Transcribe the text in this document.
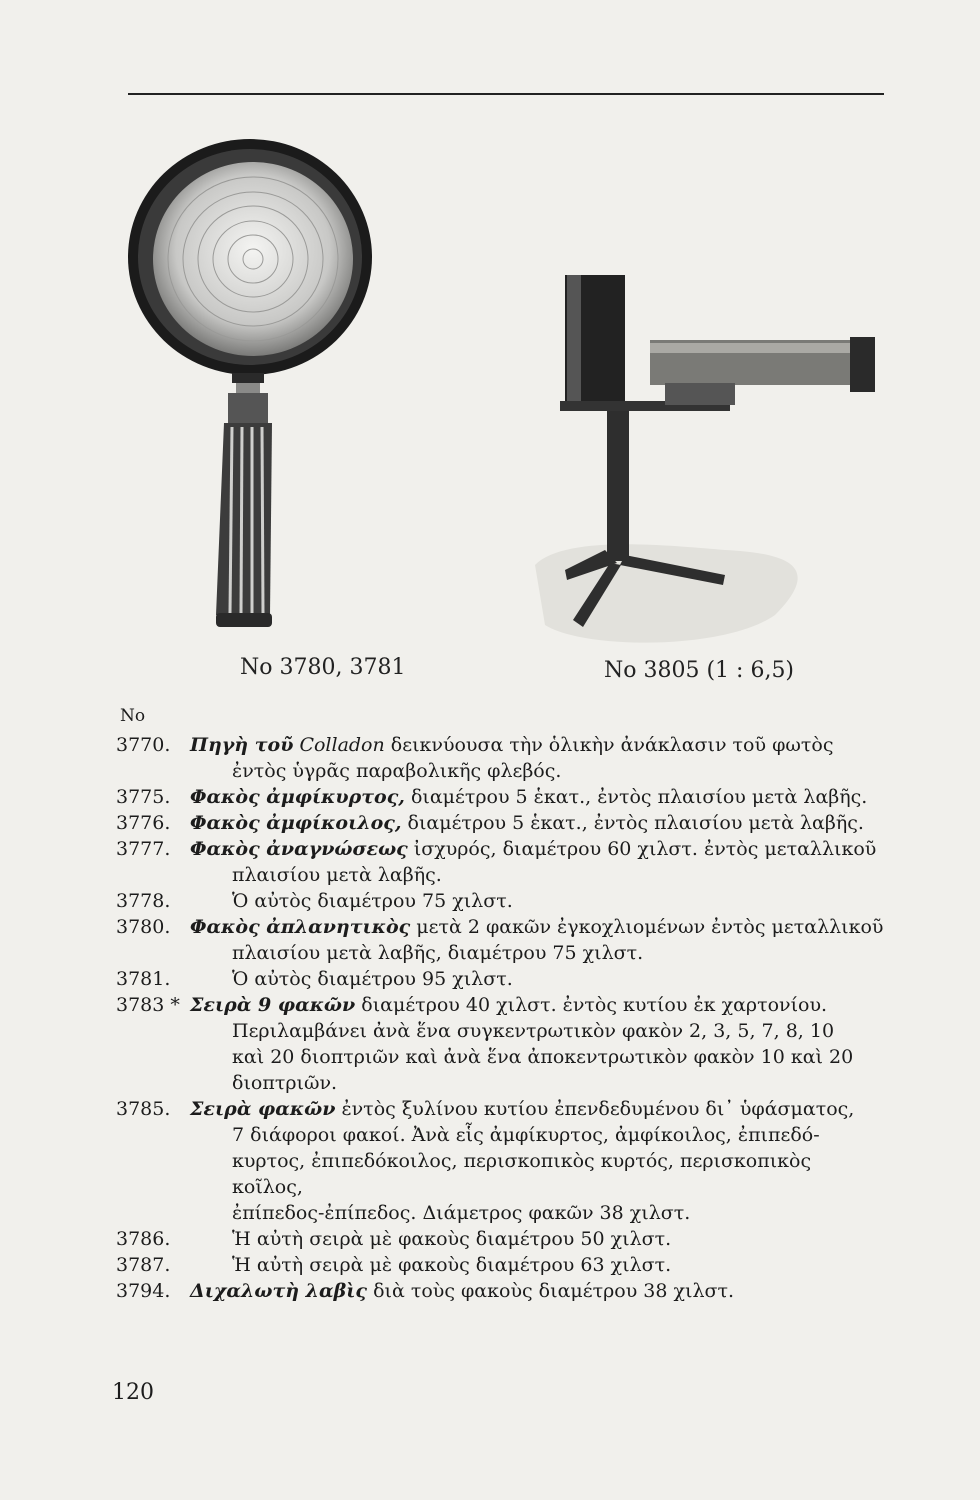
No 3780, 3781	No 3805 (1 : 6,5)
No
3770.	Πηγὴ τοῦ Colladon δεικνύουσα τὴν ὁλικὴν ἀνάκλασιν τοῦ φωτὸς
ἐντὸς ὑγρᾶς παραβολικῆς φλεβός.
3775.	Φακὸς ἀμφίκυρτος, διαμέτρου 5 ἑκατ., ἐντὸς πλαισίου μετὰ λαβῆς.
3776.	Φακὸς ἀμφίκοιλος, διαμέτρου 5 ἑκατ., ἐντὸς πλαισίου μετὰ λαβῆς.
3777.	Φακὸς ἀναγνώσεως ἰσχυρός, διαμέτρου 60 χιλστ. ἐντὸς μεταλλικοῦ
πλαισίου μετὰ λαβῆς.
3778.	Ὁ αὐτὸς διαμέτρου 75 χιλστ.
3780.	Φακὸς ἀπλανητικὸς μετὰ 2 φακῶν ἐγκοχλιομένων ἐντὸς μεταλλικοῦ
πλαισίου μετὰ λαβῆς, διαμέτρου 75 χιλστ.
3781.	Ὁ αὐτὸς διαμέτρου 95 χιλστ.
3783 * Σειρὰ 9 φακῶν διαμέτρου 40 χιλστ. ἐντὸς κυτίου ἐκ χαρτονίου.
Περιλαμβάνει ἀνὰ ἕνα συγκεντρωτικὸν φακὸν 2, 3, 5, 7, 8, 10
καὶ 20 διοπτριῶν καὶ ἀνὰ ἕνα ἀποκεντρωτικὸν φακὸν 10 καὶ 20
διοπτριῶν.
3785.	Σειρὰ φακῶν ἐντὸς ξυλίνου κυτίου ἐπενδεδυμένου δι᾽ ὑφάσματος,
7 διάφοροι φακοί. Ἀνὰ εἷς ἀμφίκυρτος, ἀμφίκοιλος, ἐπιπεδό-
κυρτος, ἐπιπεδόκοιλος, περισκοπικὸς κυρτός, περισκοπικὸς κοῖλος,
ἐπίπεδος-ἐπίπεδος. Διάμετρος φακῶν 38 χιλστ.
3786.	Ἡ αὐτὴ σειρὰ μὲ φακοὺς διαμέτρου 50 χιλστ.
3787.	Ἡ αὐτὴ σειρὰ μὲ φακοὺς διαμέτρου 63 χιλστ.
3794.	Διχαλωτὴ λαβὶς διὰ τοὺς φακοὺς διαμέτρου 38 χιλστ.
120
